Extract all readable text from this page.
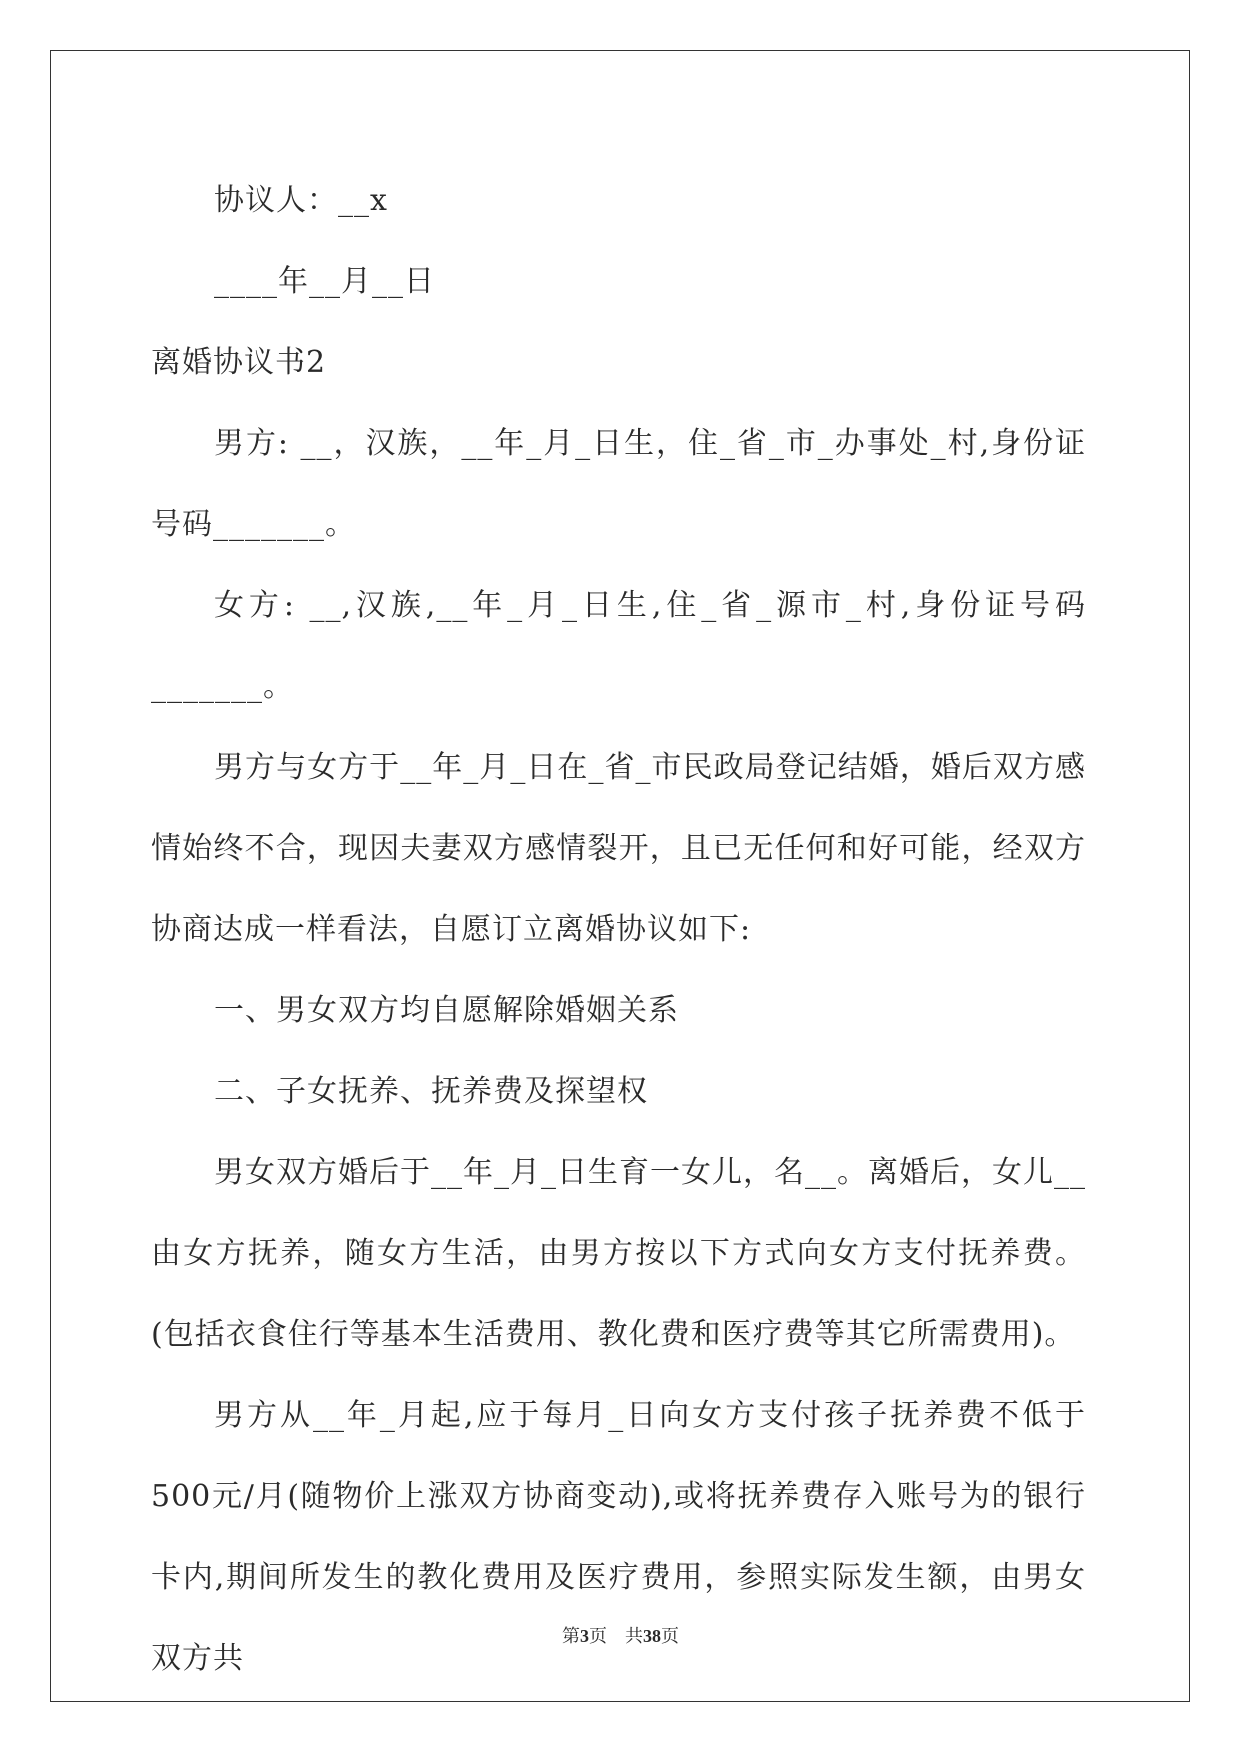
协议人：__x

____年__月__日

离婚协议书2

男方: __，汉族，__年_月_日生，住_省_市_办事处_村,身份证号码_______。

女方: __,汉族,__年_月_日生,住_省_源市_村,身份证号码_______。

男方与女方于__年_月_日在_省_市民政局登记结婚，婚后双方感情始终不合，现因夫妻双方感情裂开，且已无任何和好可能，经双方协商达成一样看法，自愿订立离婚协议如下:

一、男女双方均自愿解除婚姻关系

二、子女抚养、抚养费及探望权

男女双方婚后于__年_月_日生育一女儿，名__。离婚后，女儿__由女方抚养，随女方生活，由男方按以下方式向女方支付抚养费。(包括衣食住行等基本生活费用、教化费和医疗费等其它所需费用)。

男方从__年_月起,应于每月_日向女方支付孩子抚养费不低于500元/月(随物价上涨双方协商变动),或将抚养费存入账号为的银行卡内,期间所发生的教化费用及医疗费用，参照实际发生额，由男女双方共

第3页 共38页
